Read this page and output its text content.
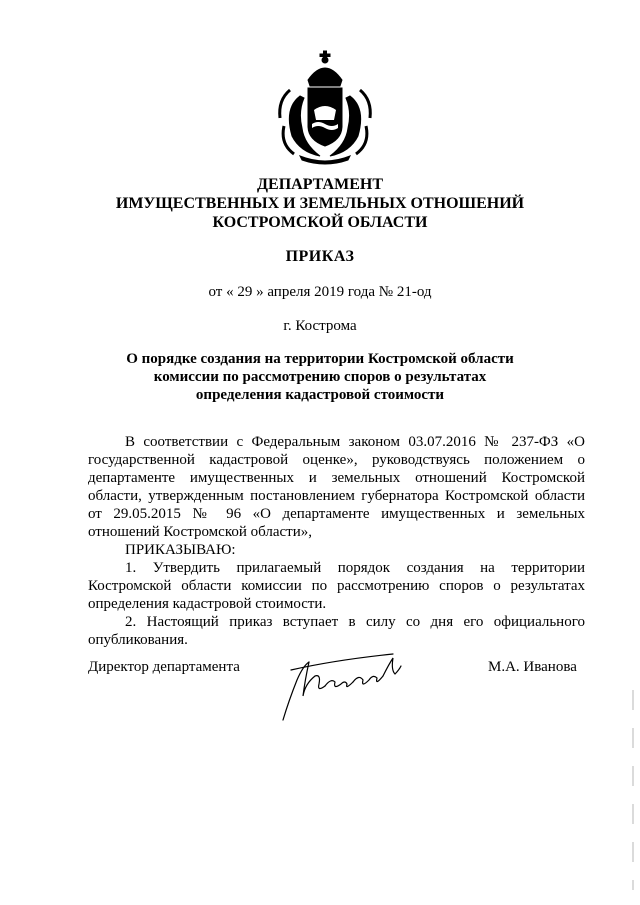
ДЕПАРТАМЕНТ
ИМУЩЕСТВЕННЫХ И ЗЕМЕЛЬНЫХ ОТНОШЕНИЙ
КОСТРОМСКОЙ ОБЛАСТИ
ПРИКАЗ
от « 29 » апреля 2019 года № 21-од
г. Кострома
О порядке создания на территории Костромской области
комиссии по рассмотрению споров о результатах
определения кадастровой стоимости

В соответствии с Федеральным законом 03.07.2016 № 237-ФЗ «О государственной кадастровой оценке», руководствуясь положением о департаменте имущественных и земельных отношений Костромской области, утвержденным постановлением губернатора Костромской области от 29.05.2015 № 96 «О департаменте имущественных и земельных отношений Костромской области»,

ПРИКАЗЫВАЮ:

1. Утвердить прилагаемый порядок создания на территории Костромской области комиссии по рассмотрению споров о результатах определения кадастровой стоимости.

2. Настоящий приказ вступает в силу со дня его официального опубликования.

Директор департамента	М.А. Иванова
